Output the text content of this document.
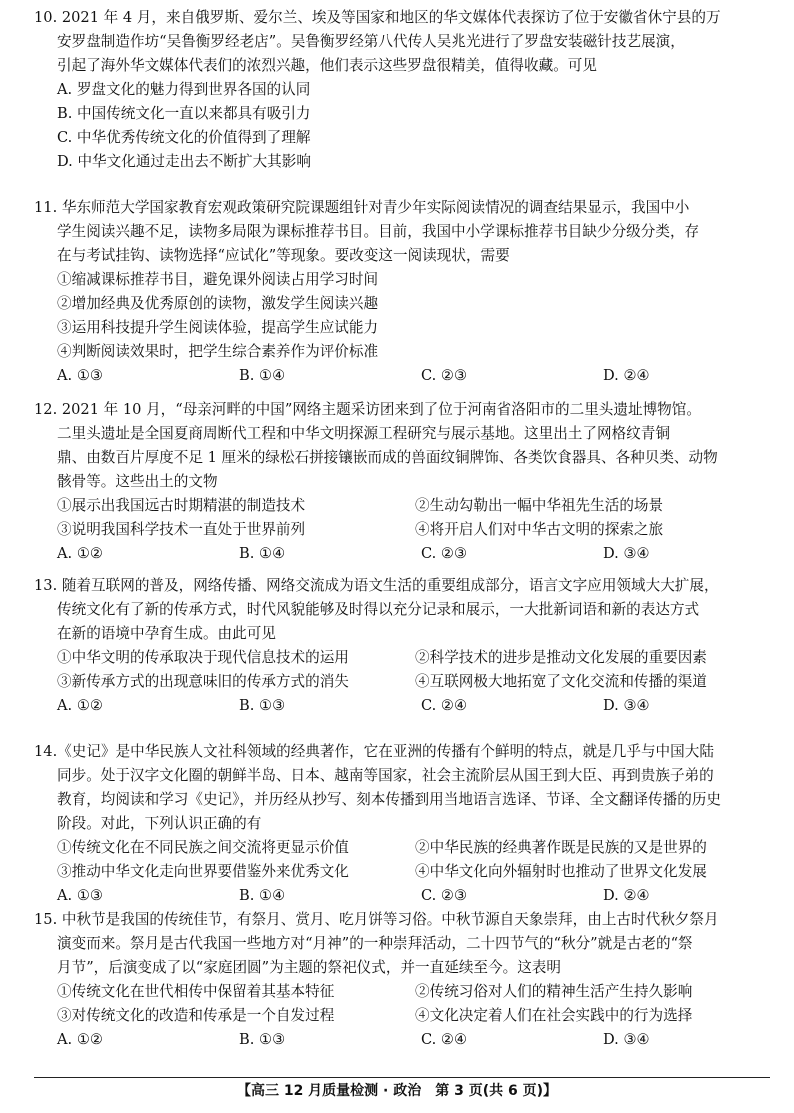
10. 2021 年 4 月，来自俄罗斯、爱尔兰、埃及等国家和地区的华文媒体代表探访了位于安徽省休宁县的万
安罗盘制造作坊“吴鲁衡罗经老店”。吴鲁衡罗经第八代传人吴兆光进行了罗盘安装磁针技艺展演，
引起了海外华文媒体代表们的浓烈兴趣，他们表示这些罗盘很精美，值得收藏。可见
A. 罗盘文化的魅力得到世界各国的认同
B. 中国传统文化一直以来都具有吸引力
C. 中华优秀传统文化的价值得到了理解
D. 中华文化通过走出去不断扩大其影响
11. 华东师范大学国家教育宏观政策研究院课题组针对青少年实际阅读情况的调查结果显示，我国中小
学生阅读兴趣不足，读物多局限为课标推荐书目。目前，我国中小学课标推荐书目缺少分级分类，存
在与考试挂钩、读物选择“应试化”等现象。要改变这一阅读现状，需要
①缩减课标推荐书目，避免课外阅读占用学习时间
②增加经典及优秀原创的读物，激发学生阅读兴趣
③运用科技提升学生阅读体验，提高学生应试能力
④判断阅读效果时，把学生综合素养作为评价标准
A. ①③	B. ①④	C. ②③	D. ②④
12. 2021 年 10 月，“母亲河畔的中国”网络主题采访团来到了位于河南省洛阳市的二里头遗址博物馆。
二里头遗址是全国夏商周断代工程和中华文明探源工程研究与展示基地。这里出土了网格纹青铜
鼎、由数百片厚度不足 1 厘米的绿松石拼接镶嵌而成的兽面纹铜牌饰、各类饮食器具、各种贝类、动物
骸骨等。这些出土的文物
①展示出我国远古时期精湛的制造技术	②生动勾勒出一幅中华祖先生活的场景
③说明我国科学技术一直处于世界前列	④将开启人们对中华古文明的探索之旅
A. ①②	B. ①④	C. ②③	D. ③④
13. 随着互联网的普及，网络传播、网络交流成为语文生活的重要组成部分，语言文字应用领域大大扩展，
传统文化有了新的传承方式，时代风貌能够及时得以充分记录和展示，一大批新词语和新的表达方式
在新的语境中孕育生成。由此可见
①中华文明的传承取决于现代信息技术的运用	②科学技术的进步是推动文化发展的重要因素
③新传承方式的出现意味旧的传承方式的消失	④互联网极大地拓宽了文化交流和传播的渠道
A. ①②	B. ①③	C. ②④	D. ③④
14.《史记》是中华民族人文社科领域的经典著作，它在亚洲的传播有个鲜明的特点，就是几乎与中国大陆
同步。处于汉字文化圈的朝鲜半岛、日本、越南等国家，社会主流阶层从国王到大臣、再到贵族子弟的
教育，均阅读和学习《史记》，并历经从抄写、刻本传播到用当地语言选译、节译、全文翻译传播的历史
阶段。对此，下列认识正确的有
①传统文化在不同民族之间交流将更显示价值	②中华民族的经典著作既是民族的又是世界的
③推动中华文化走向世界要借鉴外来优秀文化	④中华文化向外辐射时也推动了世界文化发展
A. ①③	B. ①④	C. ②③	D. ②④
15. 中秋节是我国的传统佳节，有祭月、赏月、吃月饼等习俗。中秋节源自天象崇拜，由上古时代秋夕祭月
演变而来。祭月是古代我国一些地方对“月神”的一种崇拜活动，二十四节气的“秋分”就是古老的“祭
月节”，后演变成了以“家庭团圆”为主题的祭祀仪式，并一直延续至今。这表明
①传统文化在世代相传中保留着其基本特征	②传统习俗对人们的精神生活产生持久影响
③对传统文化的改造和传承是一个自发过程	④文化决定着人们在社会实践中的行为选择
A. ①②	B. ①③	C. ②④	D. ③④
【高三 12 月质量检测 · 政治　第 3 页(共 6 页)】
